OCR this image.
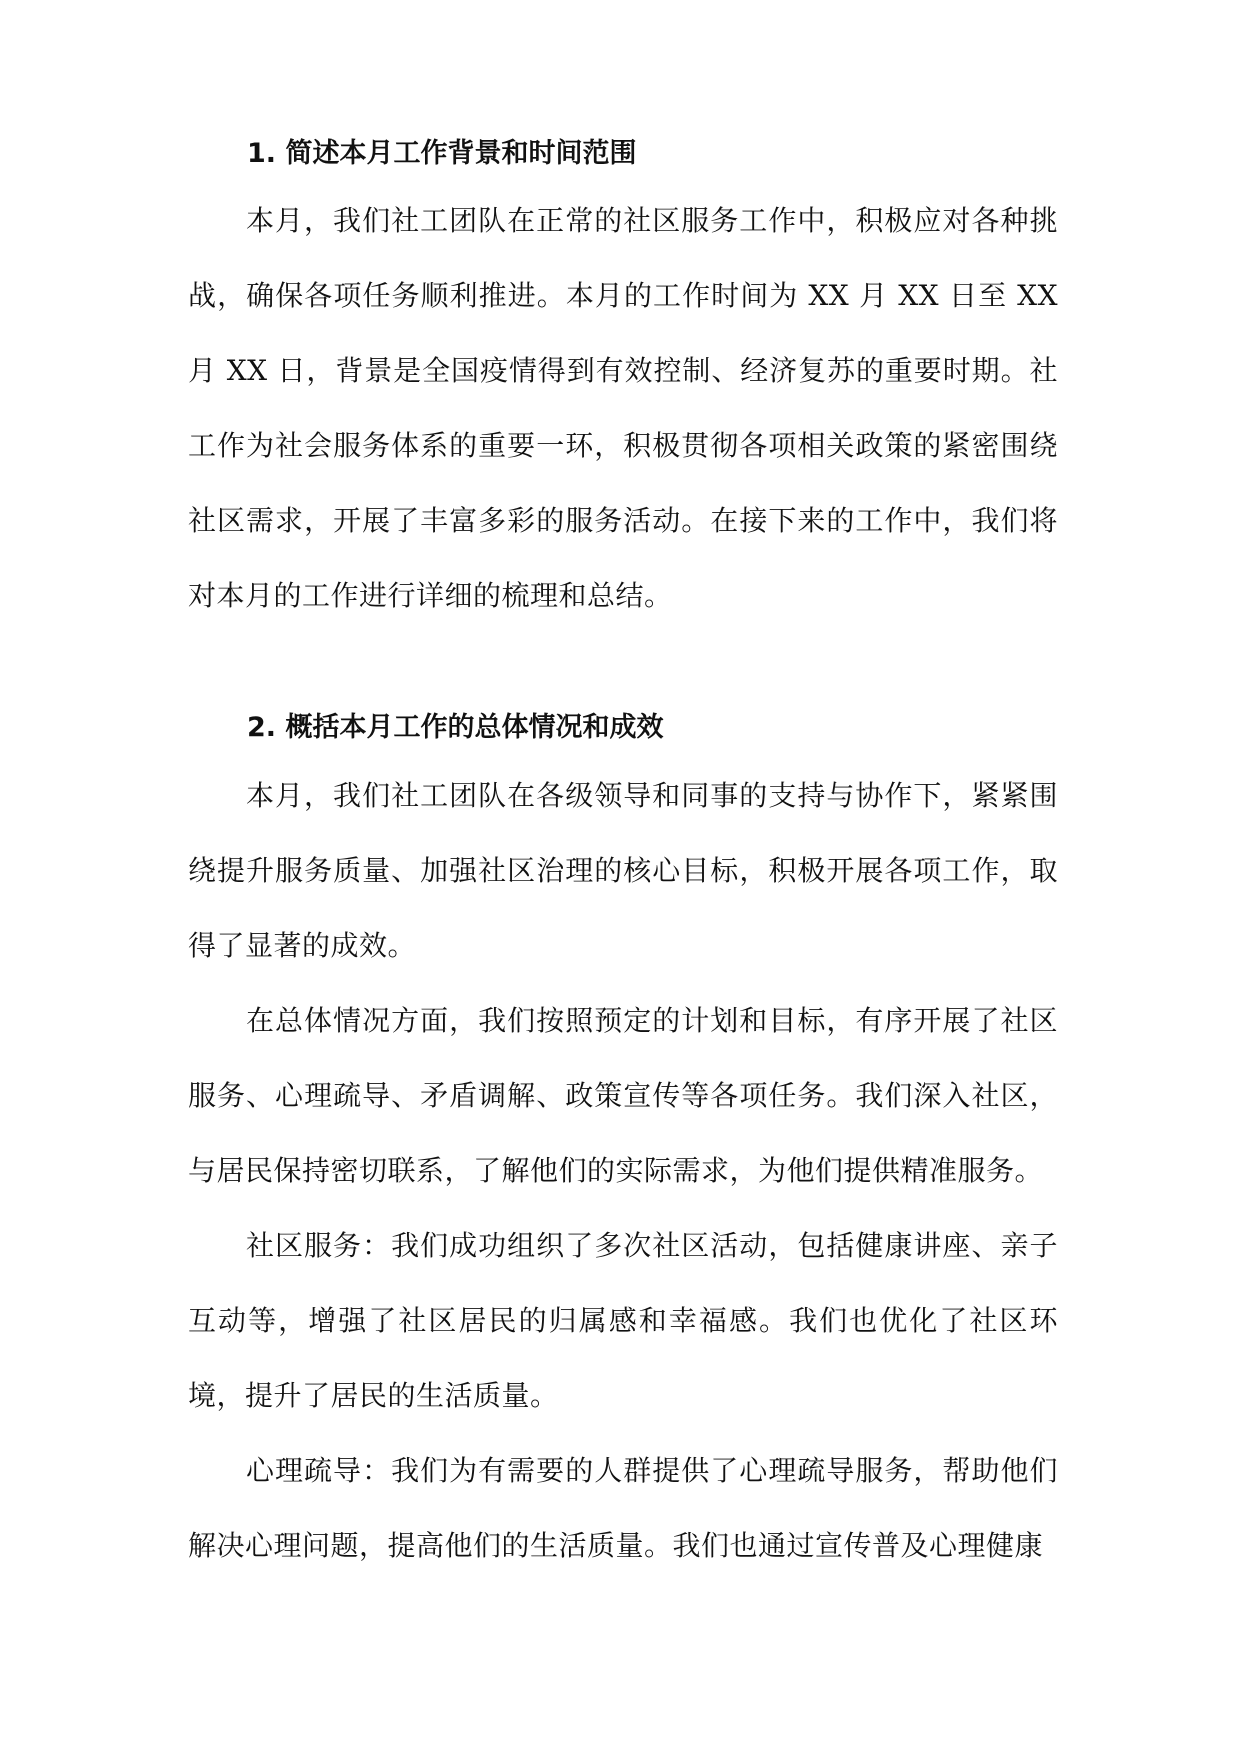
1. 简述本月工作背景和时间范围

本月，我们社工团队在正常的社区服务工作中，积极应对各种挑战，确保各项任务顺利推进。本月的工作时间为 XX 月 XX 日至 XX 月 XX 日，背景是全国疫情得到有效控制、经济复苏的重要时期。社工作为社会服务体系的重要一环，积极贯彻各项相关政策的紧密围绕社区需求，开展了丰富多彩的服务活动。在接下来的工作中，我们将对本月的工作进行详细的梳理和总结。

2. 概括本月工作的总体情况和成效

本月，我们社工团队在各级领导和同事的支持与协作下，紧紧围绕提升服务质量、加强社区治理的核心目标，积极开展各项工作，取得了显著的成效。

在总体情况方面，我们按照预定的计划和目标，有序开展了社区服务、心理疏导、矛盾调解、政策宣传等各项任务。我们深入社区，与居民保持密切联系，了解他们的实际需求，为他们提供精准服务。

社区服务：我们成功组织了多次社区活动，包括健康讲座、亲子互动等，增强了社区居民的归属感和幸福感。我们也优化了社区环境，提升了居民的生活质量。

心理疏导：我们为有需要的人群提供了心理疏导服务，帮助他们解决心理问题，提高他们的生活质量。我们也通过宣传普及心理健康
